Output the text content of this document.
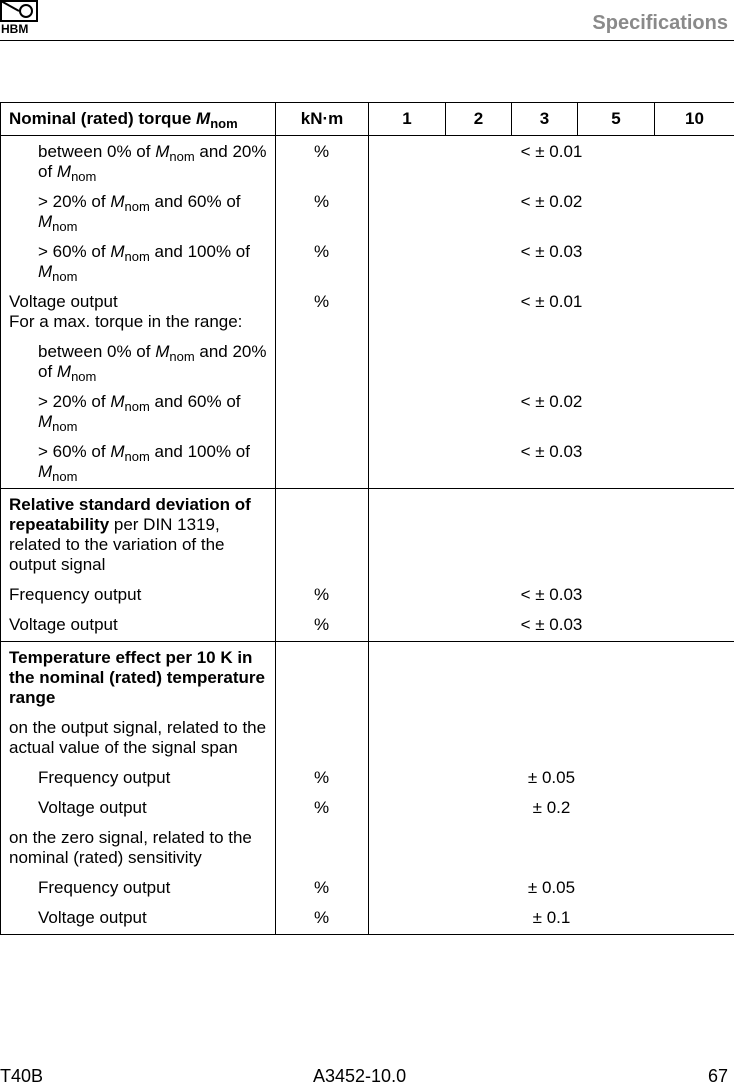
HBM	Specifications
Nominal (rated) torque $M_{nom}$	kN·m	1	2	3	5	10
between 0% of $M_{nom}$ and 20% of $M_{nom}$	%	< ± 0.01				
> 20% of $M_{nom}$ and 60% of $M_{nom}$	%	< ± 0.02				
> 60% of $M_{nom}$ and 100% of $M_{nom}$	%	< ± 0.03				

Voltage output
For a max. torque in the range:	%	< ± 0.01				
between 0% of $M_{nom}$ and 20% of $M_{nom}$		
> 20% of $M_{nom}$ and 60% of $M_{nom}$		< ± 0.02				
> 60% of $M_{nom}$ and 100% of $M_{nom}$		< ± 0.03				
Relative standard deviation of repeatability per DIN 1319, related to the variation of the output signal						
Frequency output	%	< ± 0.03				
Voltage output	%	< ± 0.03				
Temperature effect per 10 K in the nominal (rated) temperature range						
on the output signal, related to the actual value of the signal span						
Frequency output	%	± 0.05				
Voltage output	%	± 0.2				
on the zero signal, related to the nominal (rated) sensitivity						
Frequency output	%	± 0.05				
Voltage output	%	± 0.1				
T40B	A3452-10.0	67
